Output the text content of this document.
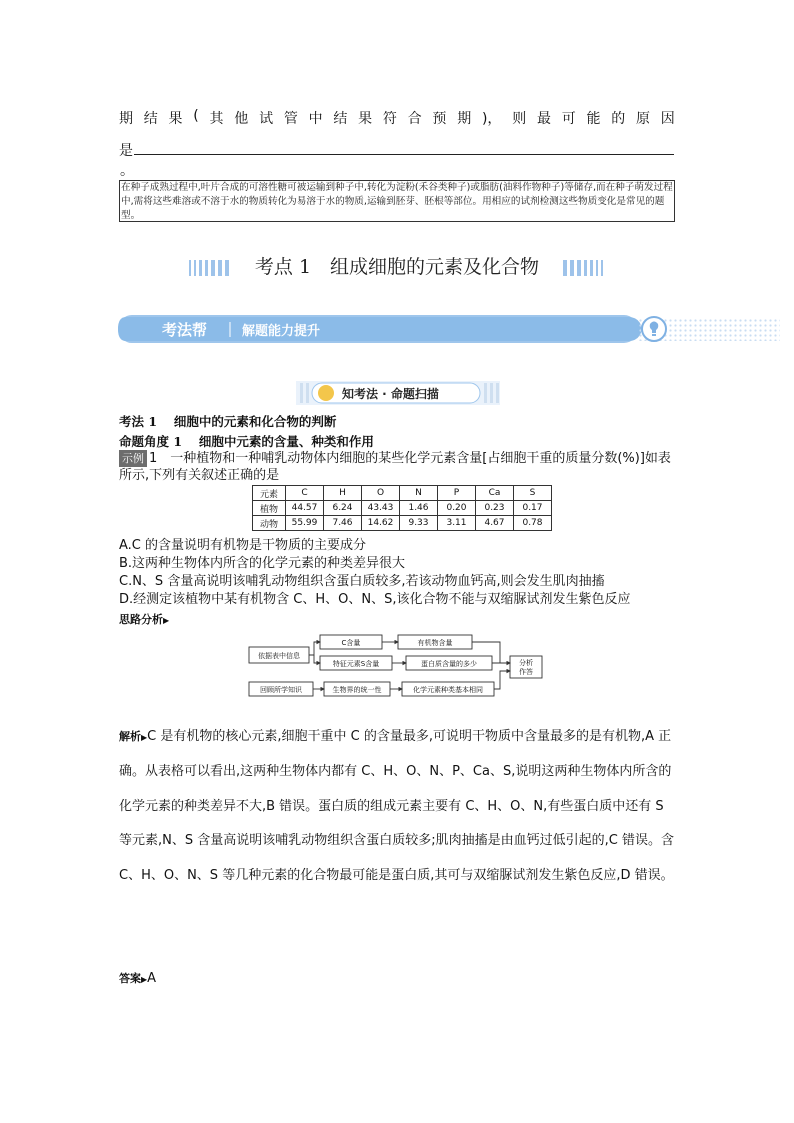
期 结 果 ( 其 他 试 管 中 结 果 符 合 预 期 )， 则 最 可 能 的 原 因
是
。
在种子成熟过程中,叶片合成的可溶性糖可被运输到种子中,转化为淀粉(禾谷类种子)或脂肪(油料作物种子)等储存,而在种子萌发过程中,需将这些难溶或不溶于水的物质转化为易溶于水的物质,运输到胚芽、胚根等部位。用相应的试剂检测这些物质变化是常见的题型。
考点 1　组成细胞的元素及化合物
考法帮	解题能力提升
知考法 · 命题扫描
考法 1　 细胞中的元素和化合物的判断
命题角度 1　 细胞中元素的含量、种类和作用
示例 1　一种植物和一种哺乳动物体内细胞的某些化学元素含量[占细胞干重的质量分数(%)]如表所示,下列有关叙述正确的是
元素	C	H	O	N	P	Ca	S
植物	44.57	6.24	43.43	1.46	0.20	0.23	0.17
动物	55.99	7.46	14.62	9.33	3.11	4.67	0.78
A.C 的含量说明有机物是干物质的主要成分
B.这两种生物体内所含的化学元素的种类差异很大
C.N、S 含量高说明该哺乳动物组织含蛋白质较多,若该动物血钙高,则会发生肌肉抽搐
D.经测定该植物中某有机物含 C、H、O、N、S,该化合物不能与双缩脲试剂发生紫色反应
思路分析▶
依据表中信息
C含量
特征元素S含量
有机物含量
蛋白质含量的多少
回顾所学知识	生物界的统一性	化学元素种类基本相同
分析作答
解析▶C 是有机物的核心元素,细胞干重中 C 的含量最多,可说明干物质中含量最多的是有机物,A 正确。从表格可以看出,这两种生物体内都有 C、H、O、N、P、Ca、S,说明这两种生物体内所含的化学元素的种类差异不大,B 错误。蛋白质的组成元素主要有 C、H、O、N,有些蛋白质中还有 S 等元素,N、S 含量高说明该哺乳动物组织含蛋白质较多;肌肉抽搐是由血钙过低引起的,C 错误。含 C、H、O、N、S 等几种元素的化合物最可能是蛋白质,其可与双缩脲试剂发生紫色反应,D 错误。
答案▶A
